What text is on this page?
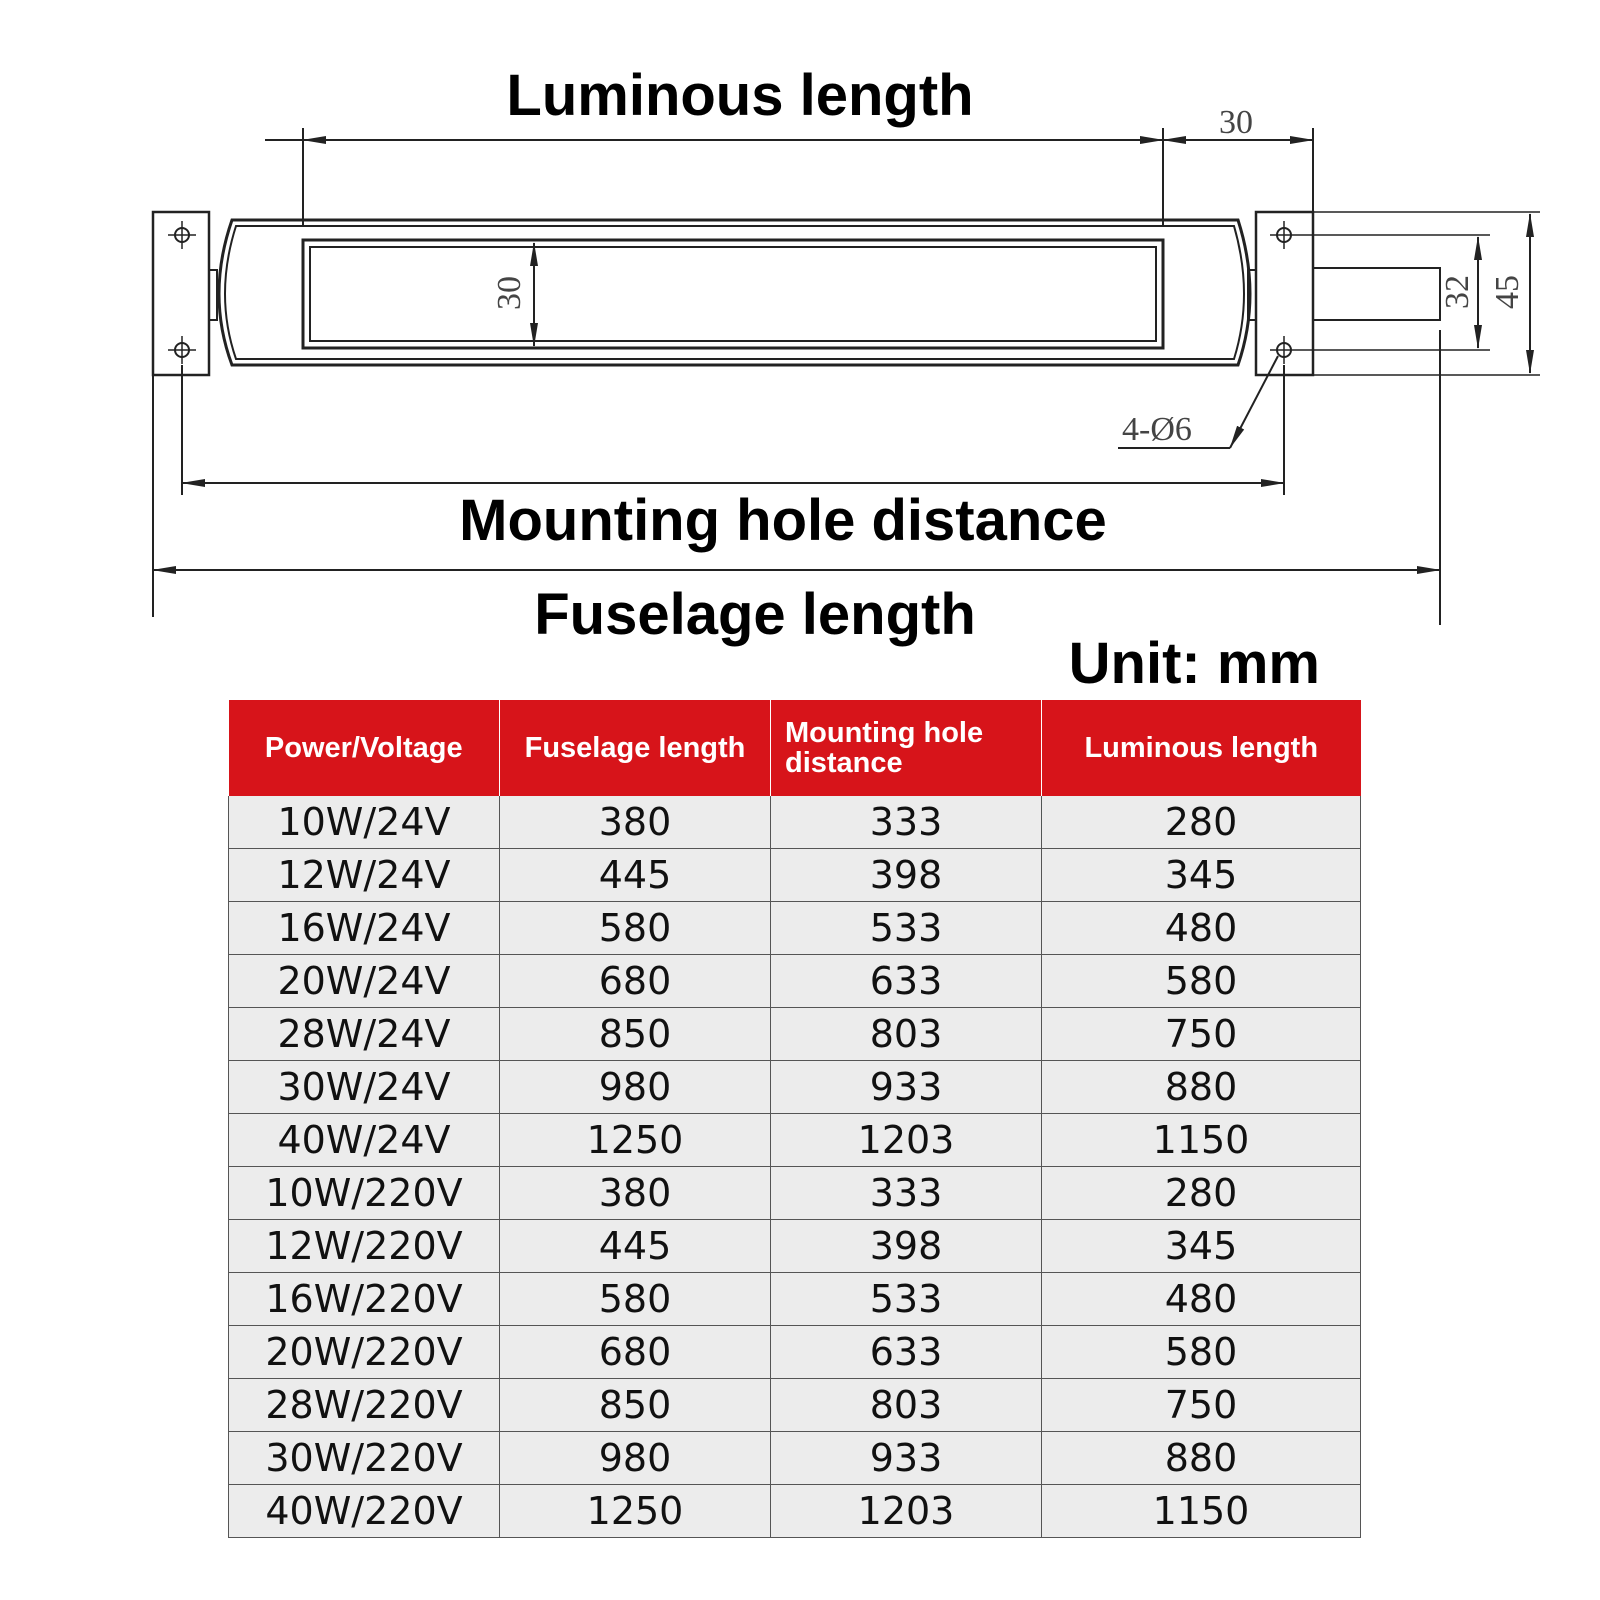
Luminous length	30
30	32 45
4-Ø6
Mounting hole distance
Fuselage length
Unit: mm
Power/Voltage	Fuselage length	Mounting hole distance	Luminous length
10W/24V	380	333	280
12W/24V	445	398	345
16W/24V	580	533	480
20W/24V	680	633	580
28W/24V	850	803	750
30W/24V	980	933	880
40W/24V	1250	1203	1150
10W/220V	380	333	280
12W/220V	445	398	345
16W/220V	580	533	480
20W/220V	680	633	580
28W/220V	850	803	750
30W/220V	980	933	880
40W/220V	1250	1203	1150
